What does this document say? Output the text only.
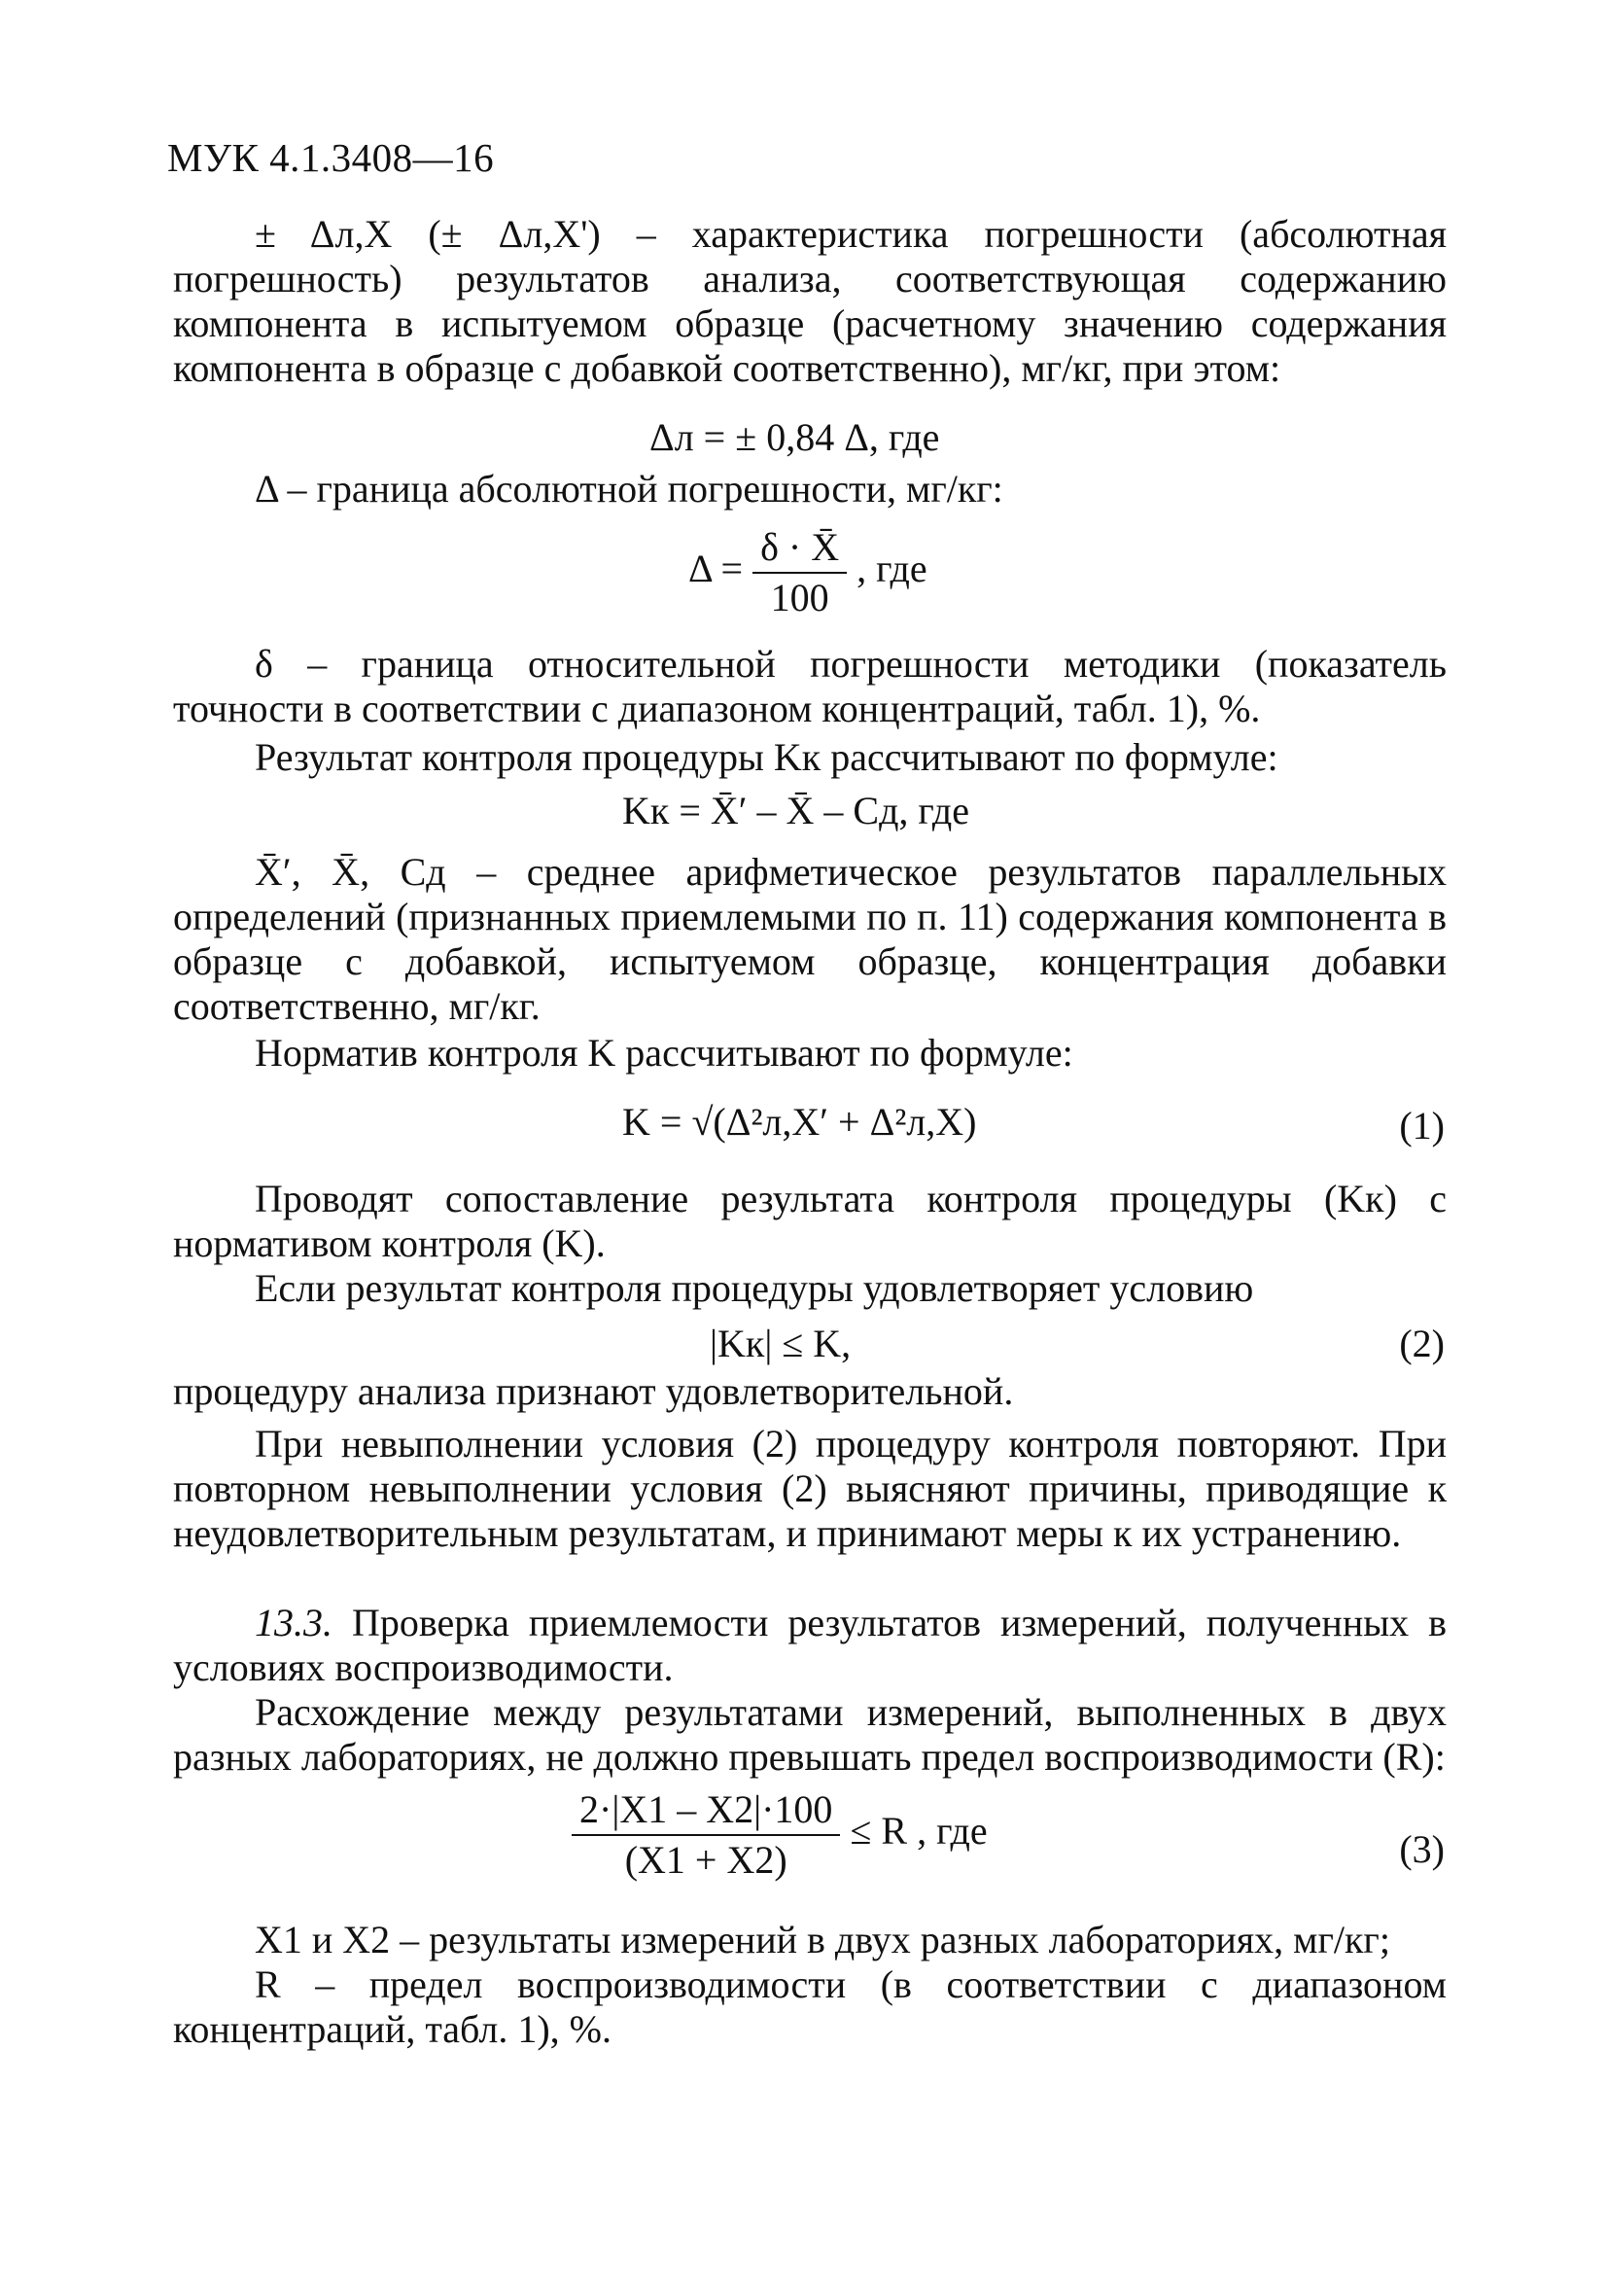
МУК 4.1.3408—16
± Δл,X (± Δл,X') – характеристика погрешности (абсолютная погрешность) результатов анализа, соответствующая содержанию компонента в испытуемом образце (расчетному значению содержания компонента в образце с добавкой соответственно), мг/кг, при этом:
Δл = ± 0,84 Δ, где
Δ – граница абсолютной погрешности, мг/кг:
$\Delta = \frac{\delta \cdot X̄}{100}$ , где
δ – граница относительной погрешности методики (показатель точности в соответствии с диапазоном концентраций, табл. 1), %.
Результат контроля процедуры Kк рассчитывают по формуле:
Kк = X̄′ – X̄ – Cд, где
X̄′, X̄, Cд – среднее арифметическое результатов параллельных определений (признанных приемлемыми по п. 11) содержания компонента в образце с добавкой, испытуемом образце, концентрация добавки соответственно, мг/кг.
Норматив контроля K рассчитывают по формуле:
K = √(Δ²л,X′ + Δ²л,X)	(1)
Проводят сопоставление результата контроля процедуры (Kк) с нормативом контроля (K).
Если результат контроля процедуры удовлетворяет условию
|Kк| ≤ K,	(2)
процедуру анализа признают удовлетворительной.
При невыполнении условия (2) процедуру контроля повторяют. При повторном невыполнении условия (2) выясняют причины, приводящие к неудовлетворительным результатам, и принимают меры к их устранению.
13.3. Проверка приемлемости результатов измерений, полученных в условиях воспроизводимости.
Расхождение между результатами измерений, выполненных в двух разных лабораториях, не должно превышать предел воспроизводимости (R):
$\frac{2\cdot|X1 - X2|\cdot 100}{(X1 + X2)} \le R$ , где	(3)
X1 и X2 – результаты измерений в двух разных лабораториях, мг/кг;
R – предел воспроизводимости (в соответствии с диапазоном концентраций, табл. 1), %.
